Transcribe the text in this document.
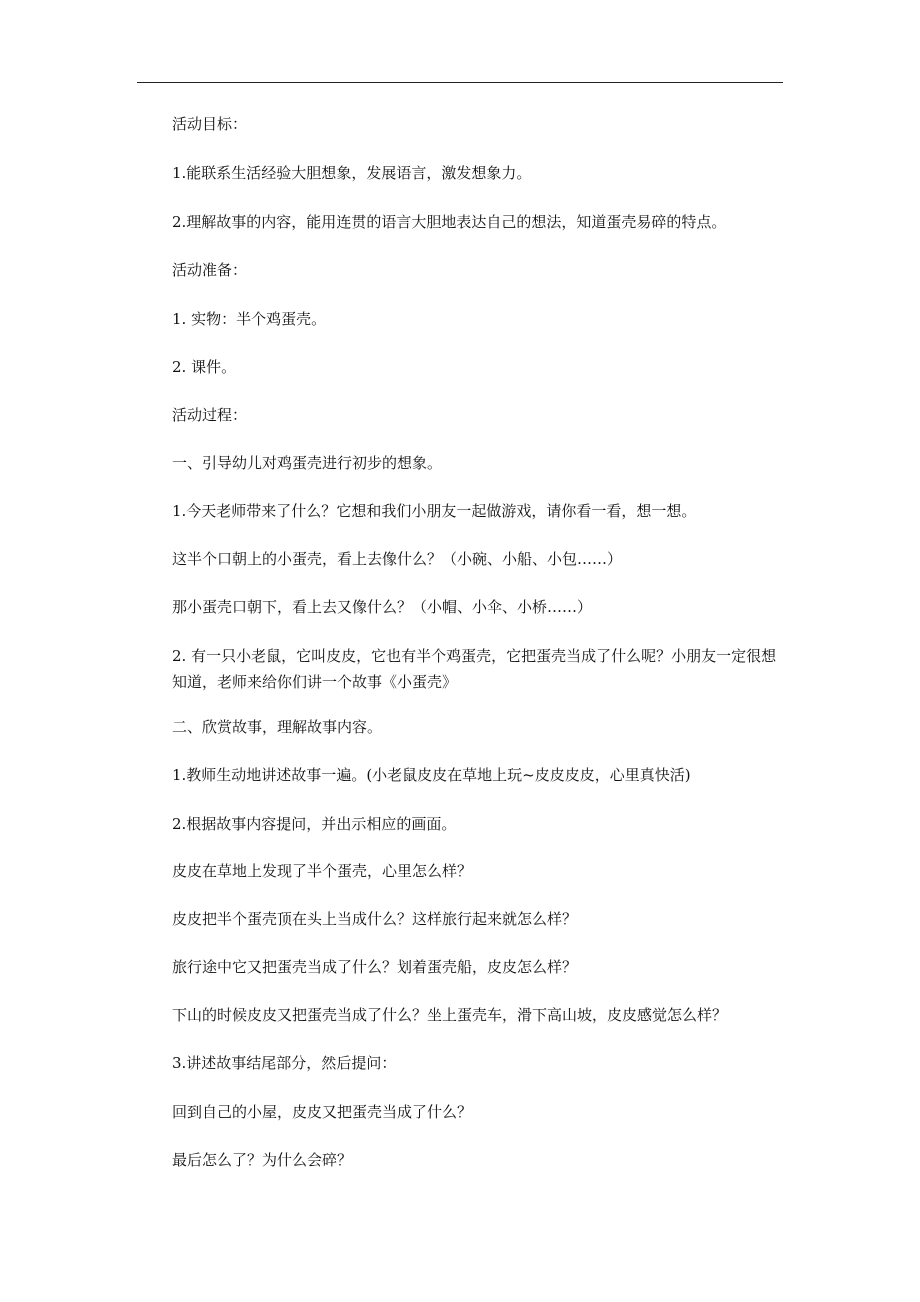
活动目标：
1.能联系生活经验大胆想象，发展语言，激发想象力。
2.理解故事的内容，能用连贯的语言大胆地表达自己的想法，知道蛋壳易碎的特点。
活动准备：
1. 实物：半个鸡蛋壳。
2. 课件。
活动过程：
一、引导幼儿对鸡蛋壳进行初步的想象。
1.今天老师带来了什么？它想和我们小朋友一起做游戏，请你看一看，想一想。
这半个口朝上的小蛋壳，看上去像什么？（小碗、小船、小包……）
那小蛋壳口朝下，看上去又像什么？（小帽、小伞、小桥……）
2. 有一只小老鼠，它叫皮皮，它也有半个鸡蛋壳，它把蛋壳当成了什么呢？小朋友一定很想知道，老师来给你们讲一个故事《小蛋壳》
二、欣赏故事，理解故事内容。
1.教师生动地讲述故事一遍。(小老鼠皮皮在草地上玩~皮皮皮皮，心里真快活)
2.根据故事内容提问，并出示相应的画面。
皮皮在草地上发现了半个蛋壳，心里怎么样？
皮皮把半个蛋壳顶在头上当成什么？这样旅行起来就怎么样？
旅行途中它又把蛋壳当成了什么？划着蛋壳船，皮皮怎么样？
下山的时候皮皮又把蛋壳当成了什么？坐上蛋壳车，滑下高山坡，皮皮感觉怎么样？
3.讲述故事结尾部分，然后提问：
回到自己的小屋，皮皮又把蛋壳当成了什么？
最后怎么了？为什么会碎？
